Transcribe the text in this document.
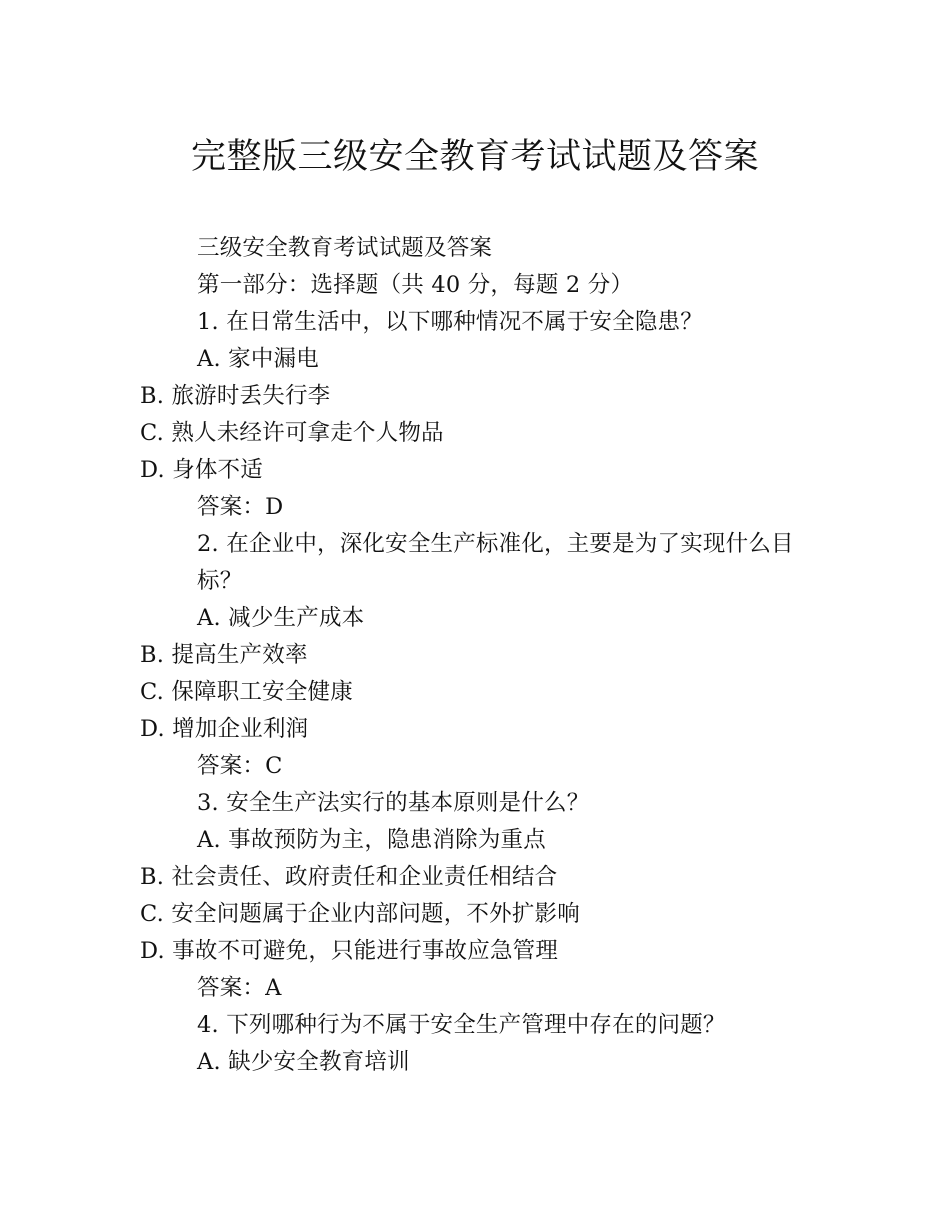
完整版三级安全教育考试试题及答案
三级安全教育考试试题及答案
第一部分：选择题（共 40 分，每题 2 分）
1. 在日常生活中，以下哪种情况不属于安全隐患？
A. 家中漏电
B. 旅游时丢失行李
C. 熟人未经许可拿走个人物品
D. 身体不适
答案：D
2. 在企业中，深化安全生产标准化，主要是为了实现什么目标？
A. 减少生产成本
B. 提高生产效率
C. 保障职工安全健康
D. 增加企业利润
答案：C
3. 安全生产法实行的基本原则是什么？
A. 事故预防为主，隐患消除为重点
B. 社会责任、政府责任和企业责任相结合
C. 安全问题属于企业内部问题，不外扩影响
D. 事故不可避免，只能进行事故应急管理
答案：A
4. 下列哪种行为不属于安全生产管理中存在的问题？
A. 缺少安全教育培训
